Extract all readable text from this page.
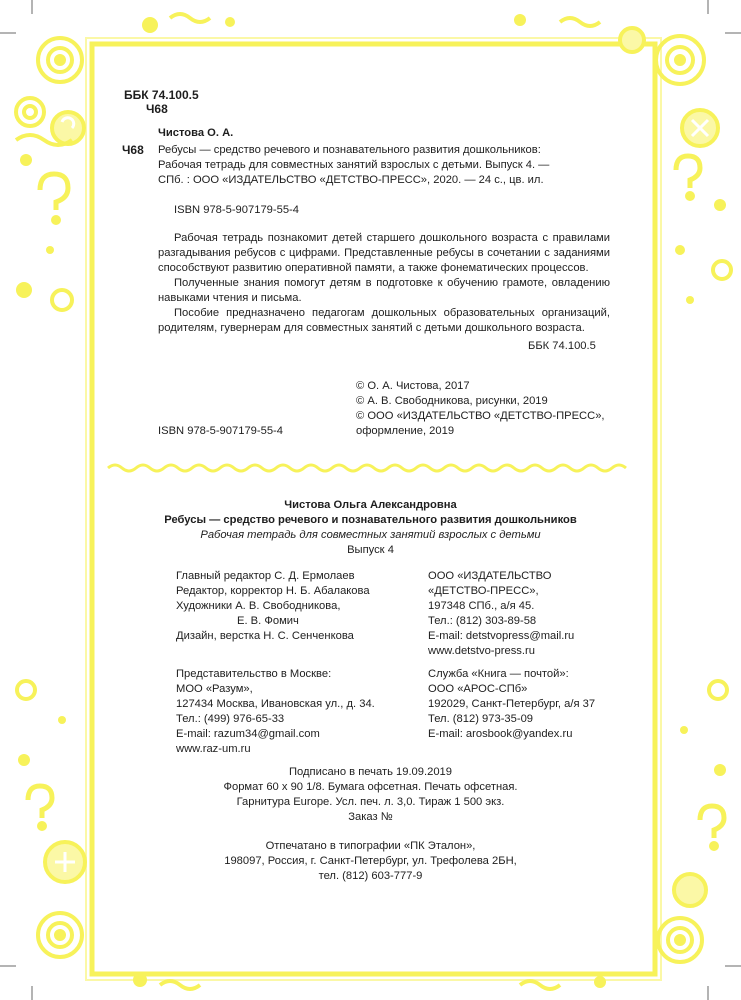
ББК 74.100.5

Ч68

Чистова О. А.

Ч68 Ребусы — средство речевого и познавательного развития дошкольников:

Рабочая тетрадь для совместных занятий взрослых с детьми. Выпуск 4. —

СПб. : ООО «ИЗДАТЕЛЬСТВО «ДЕТСТВО-ПРЕСС», 2020. — 24 с., цв. ил.

ISBN 978-5-907179-55-4

Рабочая тетрадь познакомит детей старшего дошкольного возраста с правилами разгадывания ребусов с цифрами. Представленные ребусы в сочетании с заданиями способствуют развитию оперативной памяти, а также фонематических процессов.

Полученные знания помогут детям в подготовке к обучению грамоте, овладению навыками чтения и письма.

Пособие предназначено педагогам дошкольных образовательных организаций, родителям, гувернерам для совместных занятий с детьми дошкольного возраста.

ББК 74.100.5

© О. А. Чистова, 2017

© А. В. Свободникова, рисунки, 2019

© ООО «ИЗДАТЕЛЬСТВО «ДЕТСТВО-ПРЕСС»,

ISBN 978-5-907179-55-4	оформление, 2019

Чистова Ольга Александровна

Ребусы — средство речевого и познавательного развития дошкольников

Рабочая тетрадь для совместных занятий взрослых с детьми

Выпуск 4

Главный редактор С. Д. Ермолаев

Редактор, корректор Н. Б. Абалакова

Художники А. В. Свободникова,

Е. В. Фомич

Дизайн, верстка Н. С. Сенченкова

ООО «ИЗДАТЕЛЬСТВО

«ДЕТСТВО-ПРЕСС»,

197348 СПб., а/я 45.

Тел.: (812) 303-89-58

E-mail: detstvopress@mail.ru

www.detstvo-press.ru

Представительство в Москве:

МОО «Разум»,

127434 Москва, Ивановская ул., д. 34.

Тел.: (499) 976-65-33

E-mail: razum34@gmail.com

www.raz-um.ru

Служба «Книга — почтой»:

ООО «АРОС-СПб»

192029, Санкт-Петербург, а/я 37

Тел. (812) 973-35-09

E-mail: arosbook@yandex.ru

Подписано в печать 19.09.2019

Формат 60 х 90 1/8. Бумага офсетная. Печать офсетная.

Гарнитура Europe. Усл. печ. л. 3,0. Тираж 1 500 экз.

Заказ №

Отпечатано в типографии «ПК Эталон»,

198097, Россия, г. Санкт-Петербург, ул. Трефолева 2БН,

тел. (812) 603-777-9
